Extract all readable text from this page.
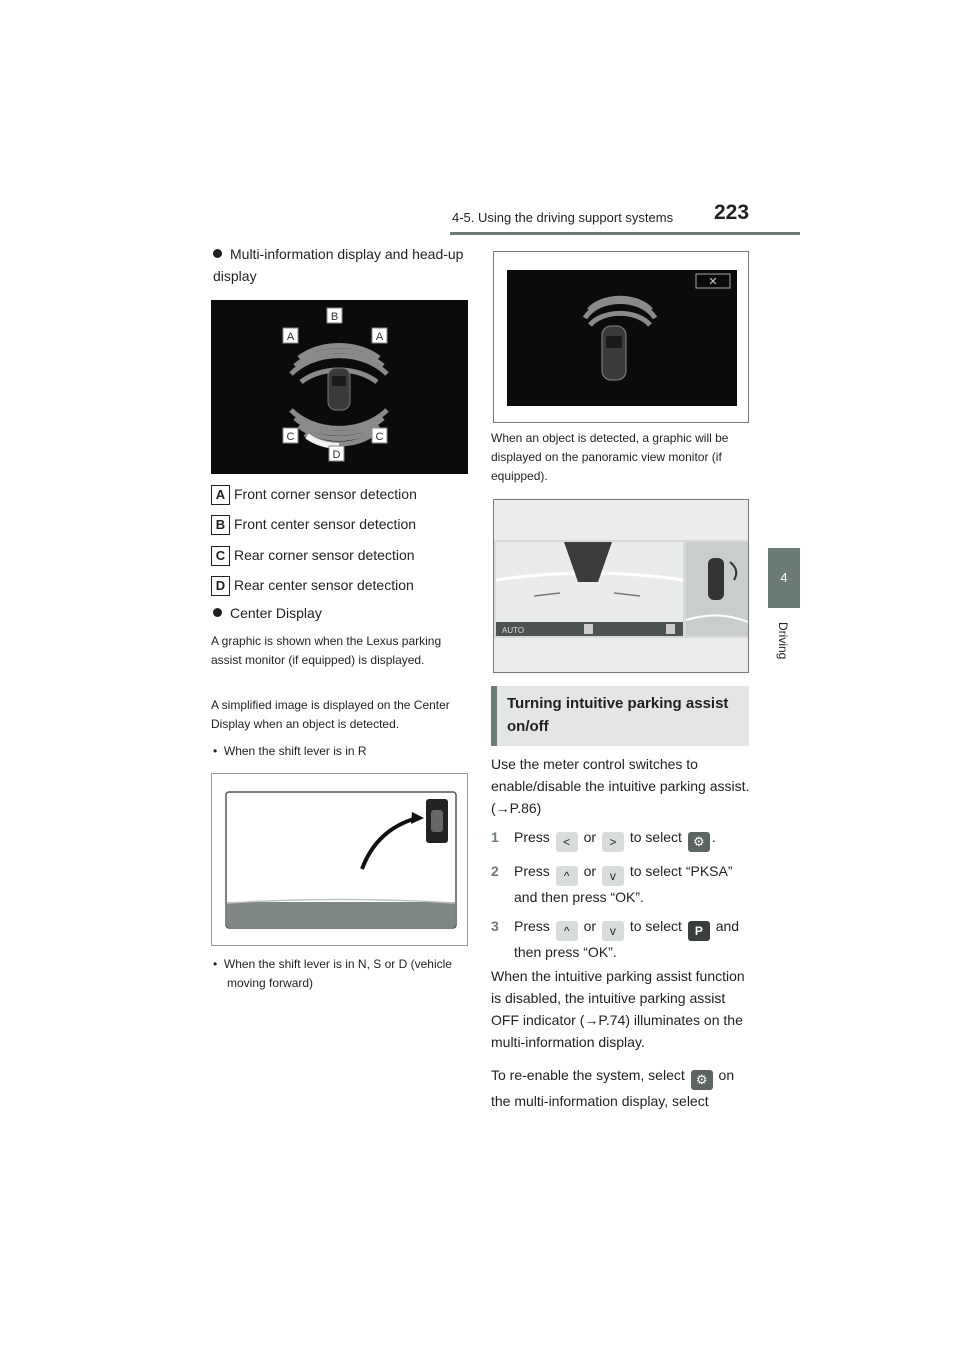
4-5. Using the driving support systems 223
4
Driving
Multi-information display and head-up display
B
A	A
C	C
D
A Front corner sensor detection
B Front center sensor detection
C Rear corner sensor detection
D Rear center sensor detection
Center Display
A graphic is shown when the Lexus parking assist monitor (if equipped) is displayed.
A simplified image is displayed on the Center Display when an object is detected.
•  When the shift lever is in R
•  When the shift lever is in N, S or D (vehicle moving forward)
✕
When an object is detected, a graphic will be displayed on the panoramic view monitor (if equipped).
AUTO
Turning intuitive parking assist on/off
Use the meter control switches to enable/disable the intuitive parking assist. (→P.86)
1 Press < or > to select ⚙ .
2 Press ^ or v to select “PKSA”
and then press “OK”.
3 Press ^ or v to select P and
then press “OK”.
When the intuitive parking assist function is disabled, the intuitive parking assist OFF indicator (→P.74) illuminates on the multi-information display.
To re-enable the system, select ⚙ on
the multi-information display, select
